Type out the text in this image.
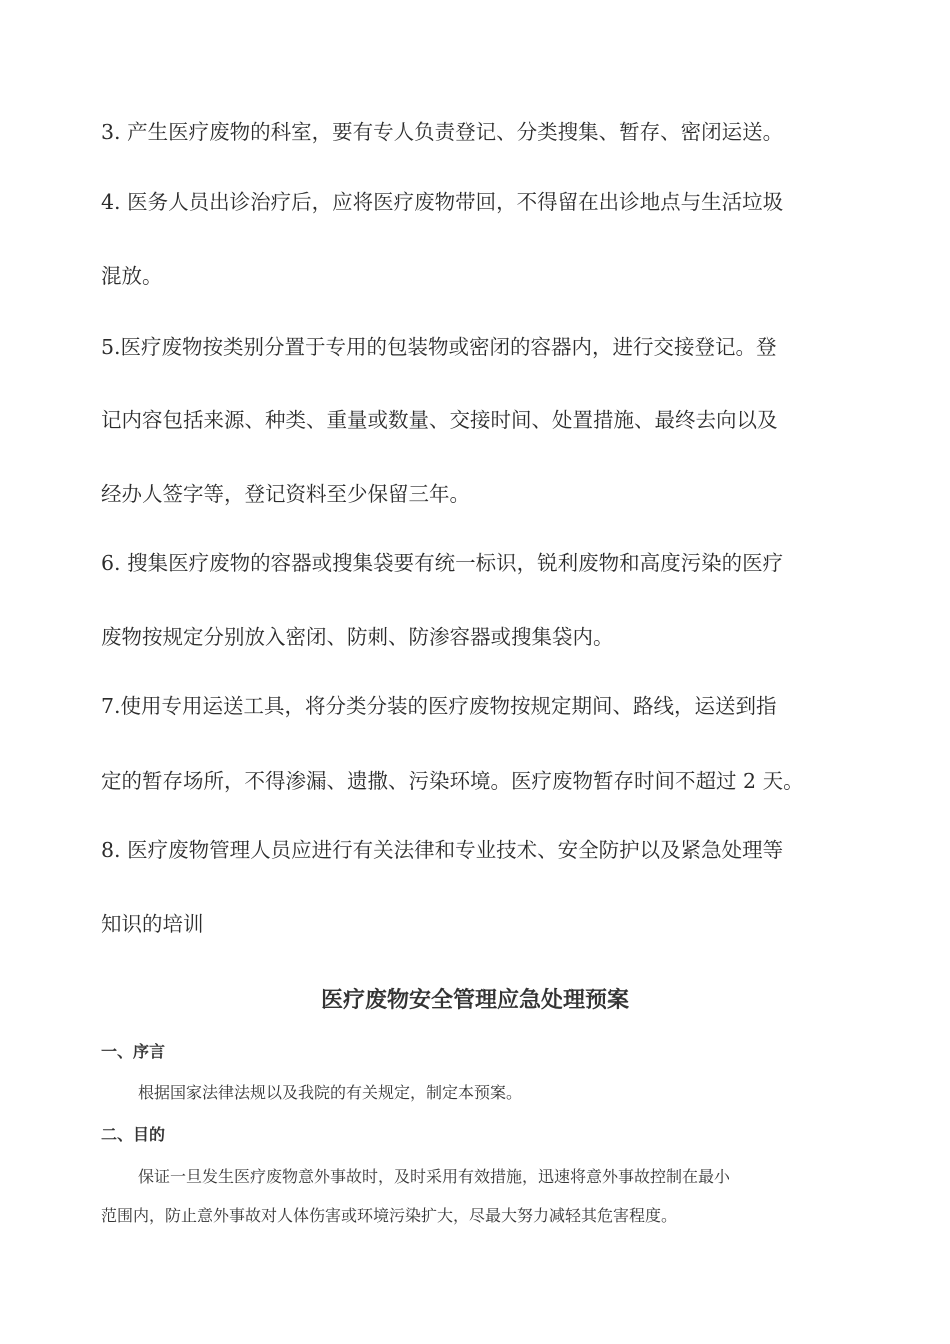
3. 产生医疗废物的科室，要有专人负责登记、分类搜集、暂存、密闭运送。
4. 医务人员出诊治疗后，应将医疗废物带回，不得留在出诊地点与生活垃圾
混放。
5.医疗废物按类别分置于专用的包装物或密闭的容器内，进行交接登记。登
记内容包括来源、种类、重量或数量、交接时间、处置措施、最终去向以及
经办人签字等，登记资料至少保留三年。
6. 搜集医疗废物的容器或搜集袋要有统一标识，锐利废物和高度污染的医疗
废物按规定分别放入密闭、防刺、防渗容器或搜集袋内。
7.使用专用运送工具，将分类分装的医疗废物按规定期间、路线，运送到指
定的暂存场所，不得渗漏、遗撒、污染环境。医疗废物暂存时间不超过 2 天。
8. 医疗废物管理人员应进行有关法律和专业技术、安全防护以及紧急处理等
知识的培训
医疗废物安全管理应急处理预案
一、序言
根据国家法律法规以及我院的有关规定，制定本预案。
二、目的
保证一旦发生医疗废物意外事故时，及时采用有效措施，迅速将意外事故控制在最小
范围内，防止意外事故对人体伤害或环境污染扩大，尽最大努力减轻其危害程度。
